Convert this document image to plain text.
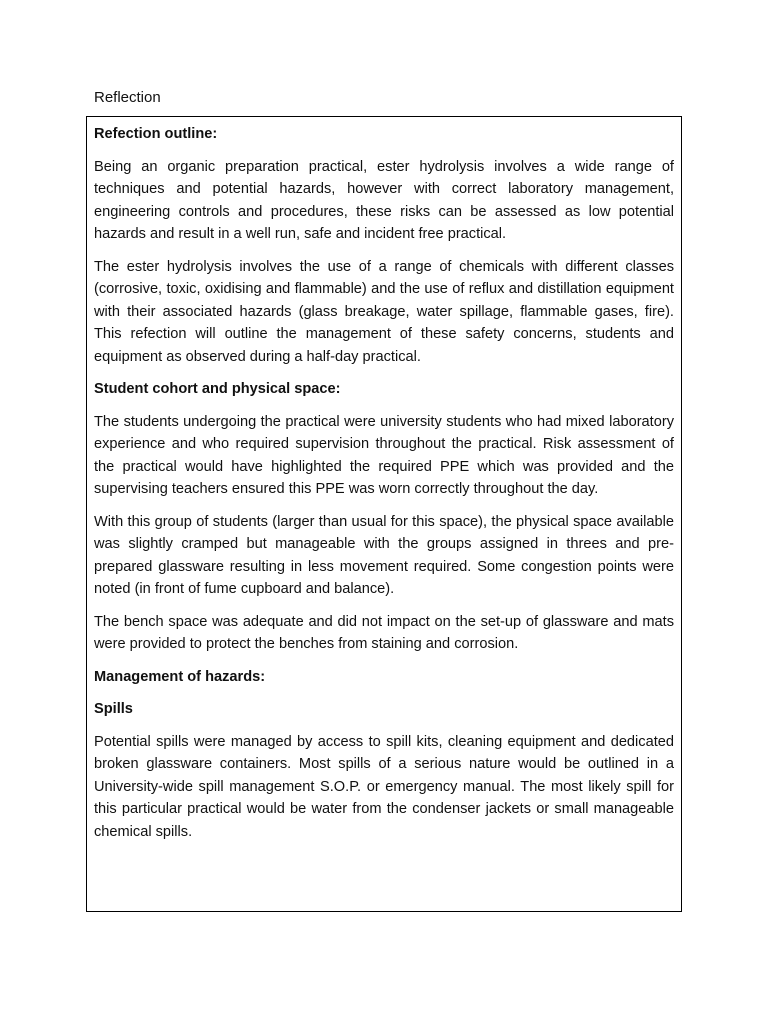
Reflection
Refection outline:

Being an organic preparation practical, ester hydrolysis involves a wide range of techniques and potential hazards, however with correct laboratory management, engineering controls and procedures, these risks can be assessed as low potential hazards and result in a well run, safe and incident free practical.

The ester hydrolysis involves the use of a range of chemicals with different classes (corrosive, toxic, oxidising and flammable) and the use of reflux and distillation equipment with their associated hazards (glass breakage, water spillage, flammable gases, fire). This refection will outline the management of these safety concerns, students and equipment as observed during a half-day practical.

Student cohort and physical space:

The students undergoing the practical were university students who had mixed laboratory experience and who required supervision throughout the practical. Risk assessment of the practical would have highlighted the required PPE which was provided and the supervising teachers ensured this PPE was worn correctly throughout the day.

With this group of students (larger than usual for this space), the physical space available was slightly cramped but manageable with the groups assigned in threes and pre-prepared glassware resulting in less movement required. Some congestion points were noted (in front of fume cupboard and balance).

The bench space was adequate and did not impact on the set-up of glassware and mats were provided to protect the benches from staining and corrosion.

Management of hazards:
Spills

Potential spills were managed by access to spill kits, cleaning equipment and dedicated broken glassware containers. Most spills of a serious nature would be outlined in a University-wide spill management S.O.P. or emergency manual. The most likely spill for this particular practical would be water from the condenser jackets or small manageable chemical spills.
